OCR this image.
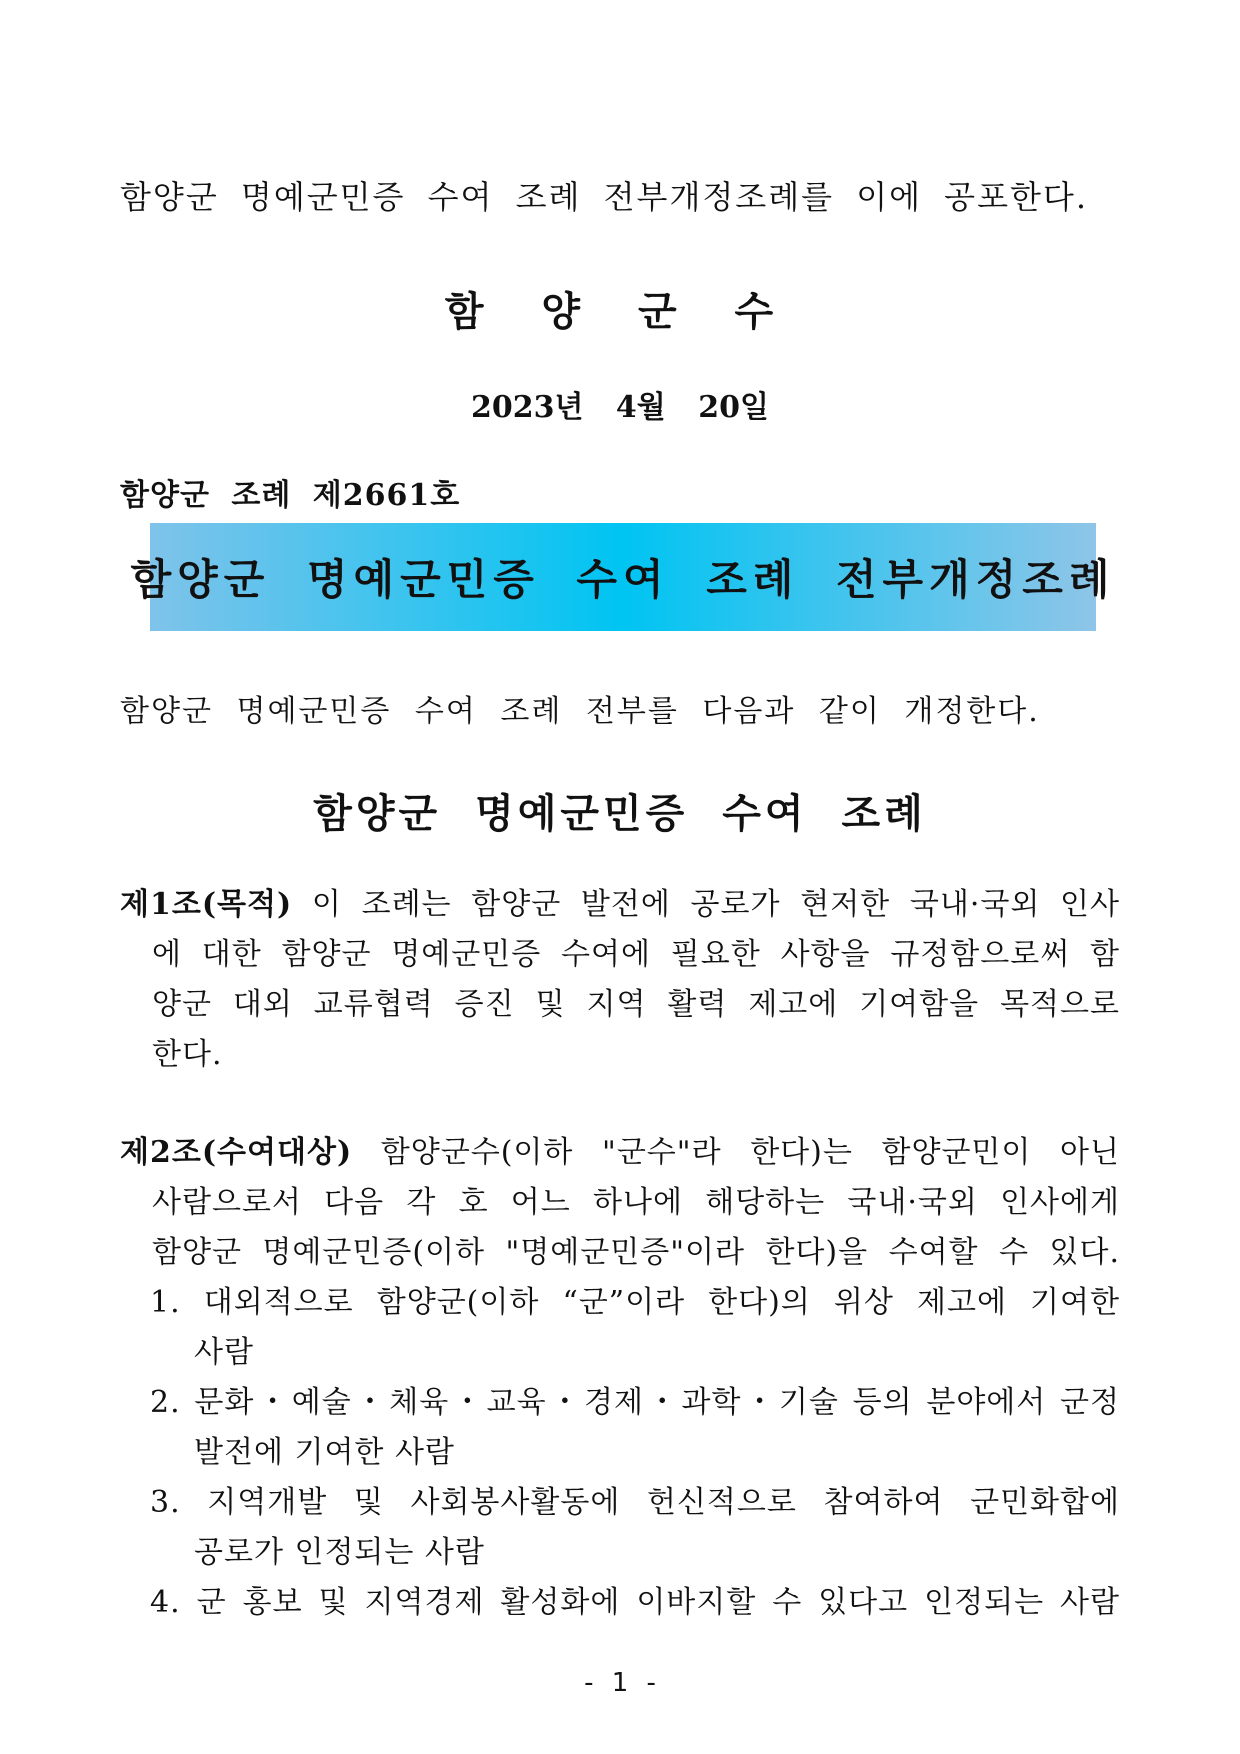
함양군 명예군민증 수여 조례 전부개정조례를 이에 공포한다.
함 양 군 수
2023년 4월 20일
함양군 조례 제2661호
함양군 명예군민증 수여 조례 전부개정조례
함양군 명예군민증 수여 조례 전부를 다음과 같이 개정한다.
함양군 명예군민증 수여 조례
제1조(목적) 이 조례는 함양군 발전에 공로가 현저한 국내·국외 인사
에 대한 함양군 명예군민증 수여에 필요한 사항을 규정함으로써 함
양군 대외 교류협력 증진 및 지역 활력 제고에 기여함을 목적으로
한다.
제2조(수여대상) 함양군수(이하 "군수"라 한다)는 함양군민이 아닌
사람으로서 다음 각 호 어느 하나에 해당하는 국내·국외 인사에게
함양군 명예군민증(이하 "명예군민증"이라 한다)을 수여할 수 있다.
1. 대외적으로 함양군(이하 “군”이라 한다)의 위상 제고에 기여한
사람
2. 문화・예술・체육・교육・경제・과학・기술 등의 분야에서 군정
발전에 기여한 사람
3. 지역개발 및 사회봉사활동에 헌신적으로 참여하여 군민화합에
공로가 인정되는 사람
4. 군 홍보 및 지역경제 활성화에 이바지할 수 있다고 인정되는 사람
- 1 -
